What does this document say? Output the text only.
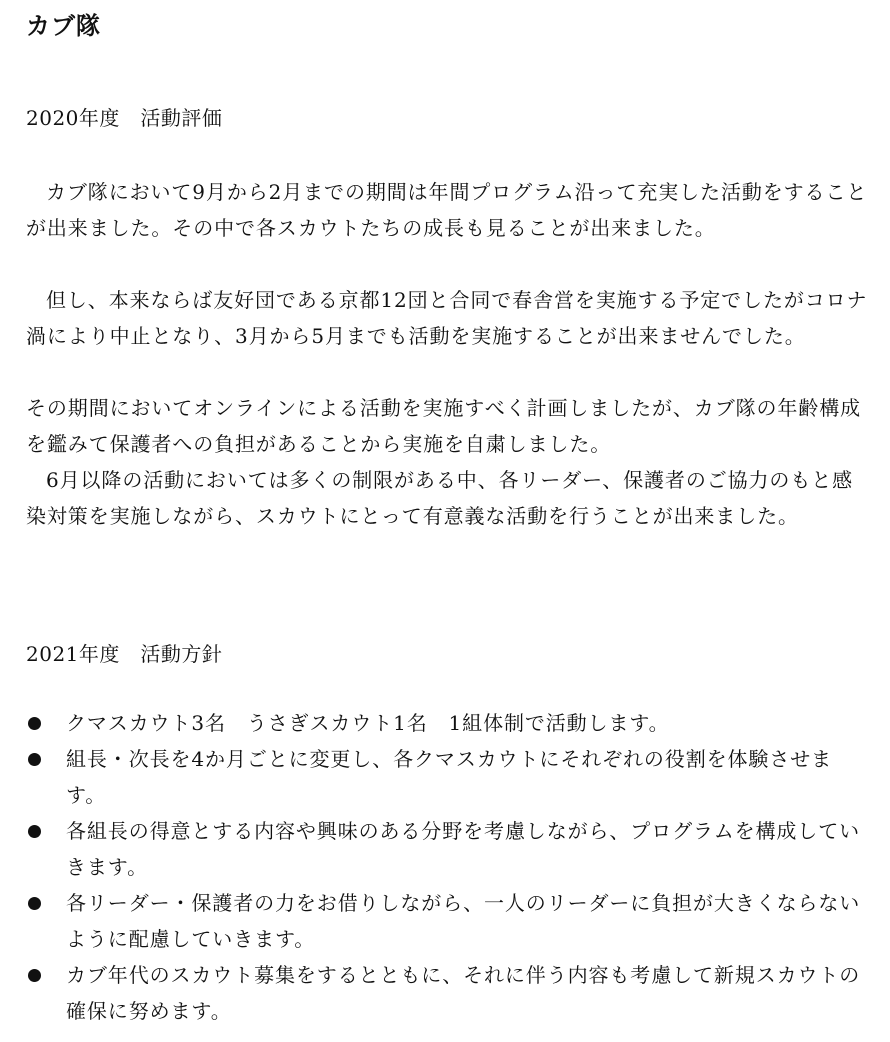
カブ隊
2020年度　活動評価

カブ隊において9月から2月までの期間は年間プログラム沿って充実した活動をすることが出来ました。その中で各スカウトたちの成長も見ることが出来ました。

但し、本来ならば友好団である京都12団と合同で春舎営を実施する予定でしたがコロナ渦により中止となり、3月から5月までも活動を実施することが出来ませんでした。

その期間においてオンラインによる活動を実施すべく計画しましたが、カブ隊の年齢構成を鑑みて保護者への負担があることから実施を自粛しました。

6月以降の活動においては多くの制限がある中、各リーダー、保護者のご協力のもと感染対策を実施しながら、スカウトにとって有意義な活動を行うことが出来ました。

2021年度　活動方針
クマスカウト3名　うさぎスカウト1名　1組体制で活動します。
組長・次長を4か月ごとに変更し、各クマスカウトにそれぞれの役割を体験させます。
各組長の得意とする内容や興味のある分野を考慮しながら、プログラムを構成していきます。
各リーダー・保護者の力をお借りしながら、一人のリーダーに負担が大きくならないように配慮していきます。
カブ年代のスカウト募集をするとともに、それに伴う内容も考慮して新規スカウトの確保に努めます。
